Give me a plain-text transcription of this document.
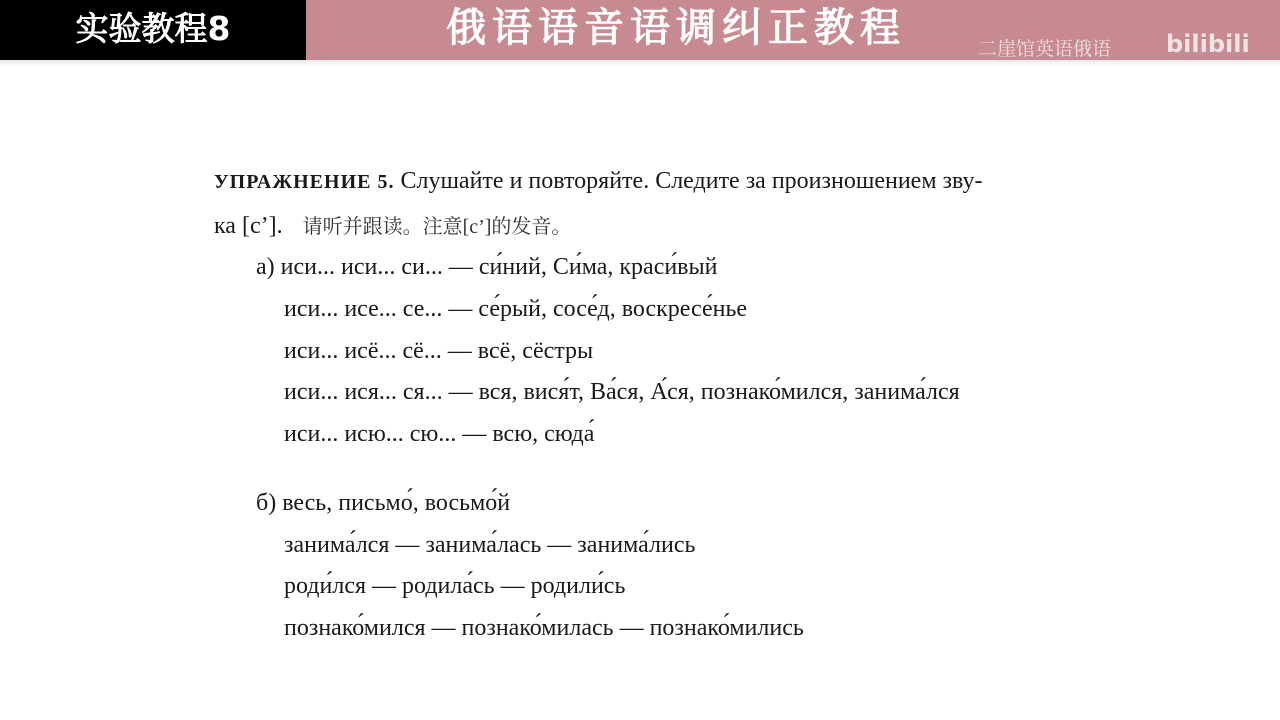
实验教程8	俄语语音语调纠正教程	二崖馆英语俄语 bilibili
УПРАЖНЕНИЕ 5. Слушайте и повторяйте. Следите за произношением зву-
ка [с’]. 请听并跟读。注意[c’]的发音。
а) иси... иси... си... — си́ний, Си́ма, краси́вый
иси... исе... се... — се́рый, сосе́д, воскресе́нье
иси... исё... сё... — всё, сёстры
иси... ися... ся... — вся, вися́т, Ва́ся, А́ся, познако́мился, занима́лся
иси... исю... сю... — всю, сюда́
б) весь, письмо́, восьмо́й
занима́лся — занима́лась — занима́лись
роди́лся — родила́сь — родили́сь
познако́мился — познако́милась — познако́мились
